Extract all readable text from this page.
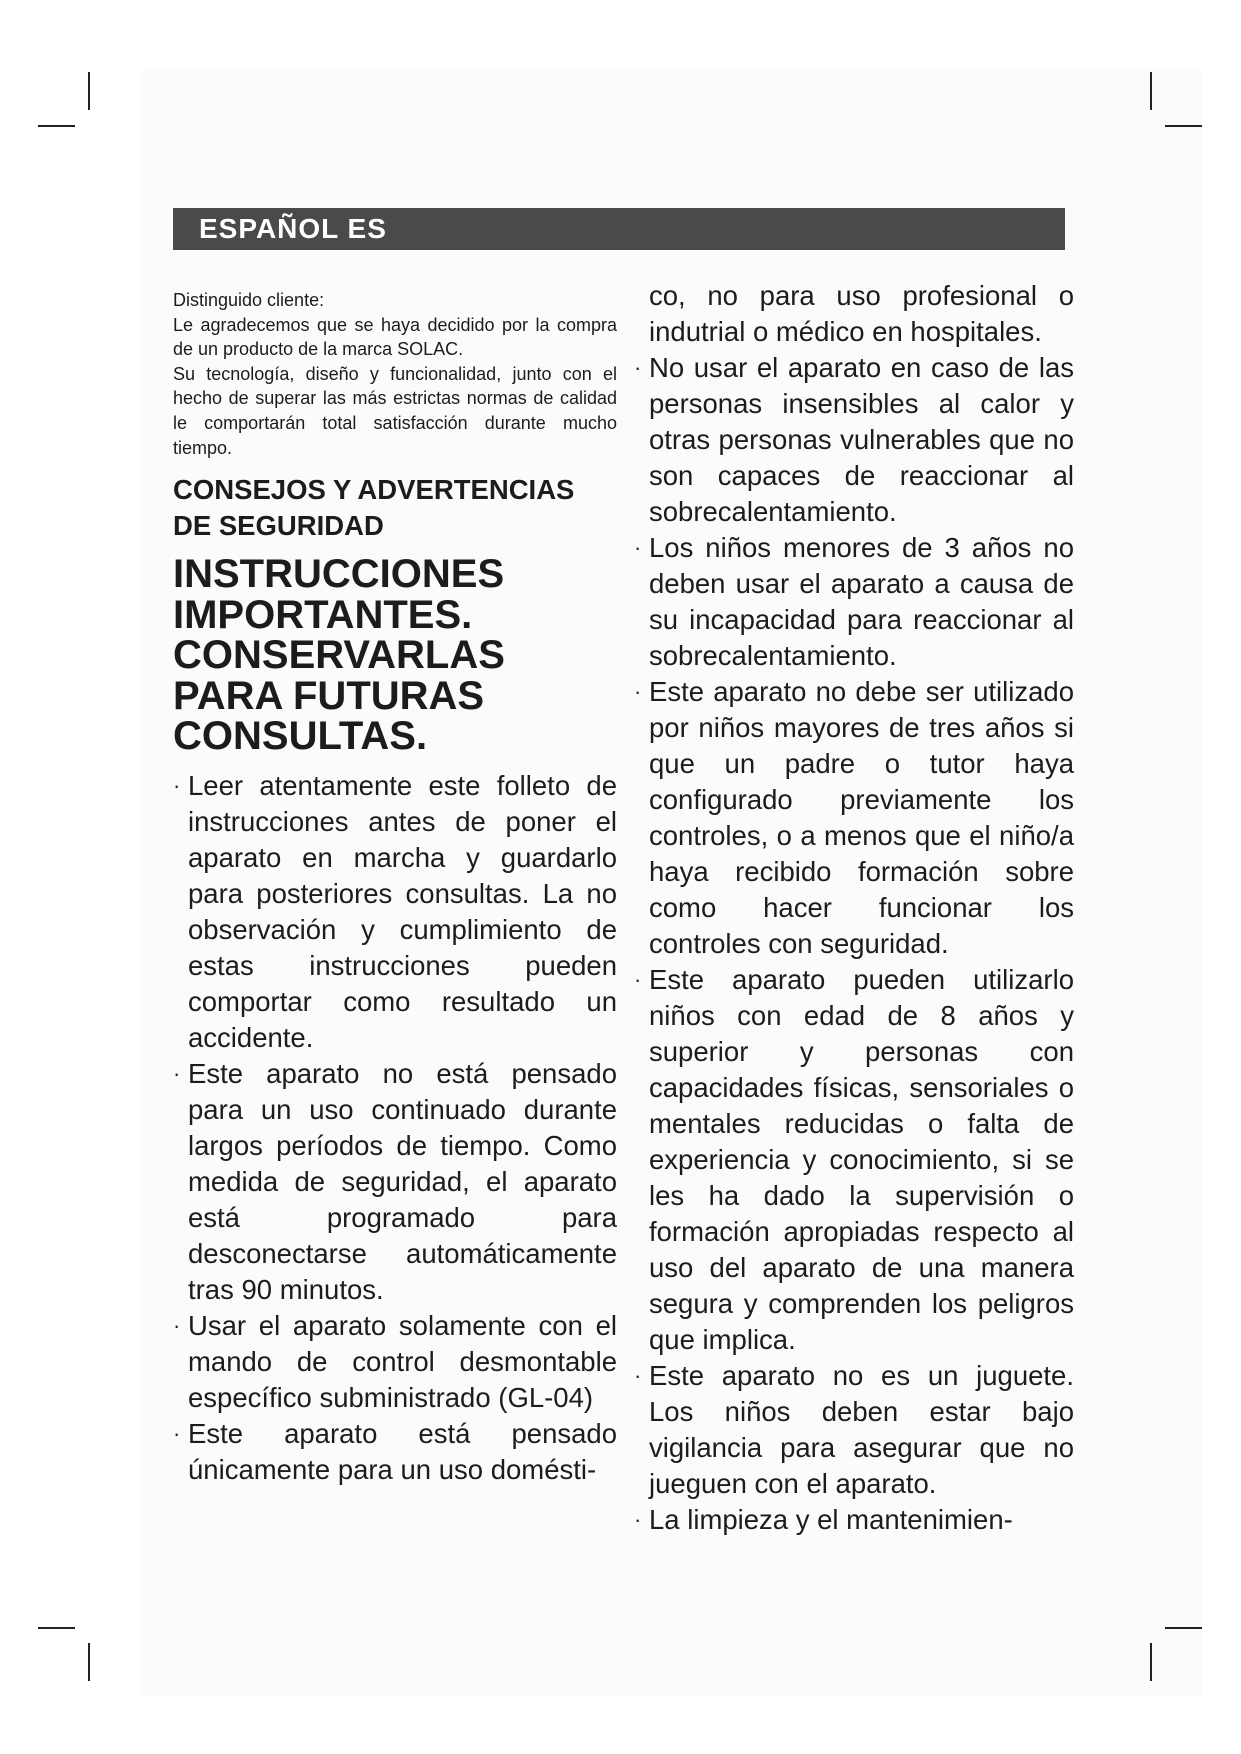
ESPAÑOL ES

Distinguido cliente:

Le agradecemos que se haya decidido por la compra de un producto de la marca SOLAC.

Su tecnología, diseño y funcionalidad, junto con el hecho de superar las más estrictas normas de calidad le comportarán total satisfacción durante mucho tiempo.

CONSEJOS Y ADVERTENCIAS DE SEGURIDAD
INSTRUCCIONES IMPORTANTES. CONSERVARLAS PARA FUTURAS CONSULTAS.
· Leer atentamente este folleto de instrucciones antes de poner el aparato en marcha y guardarlo para posteriores consultas. La no observación y cumplimiento de estas instrucciones pueden comportar como resultado un accidente.
· Este aparato no está pensado para un uso continuado durante largos períodos de tiempo. Como medida de seguridad, el aparato está programado para desconectarse automáticamente tras 90 minutos.
· Usar el aparato solamente con el mando de control desmontable específico subministrado (GL-04)
· Este aparato está pensado únicamente para un uso domésti-

co, no para uso profesional o indutrial o médico en hospitales.

· No usar el aparato en caso de las personas insensibles al calor y otras personas vulnerables que no son capaces de reaccionar al sobrecalentamiento.
· Los niños menores de 3 años no deben usar el aparato a causa de su incapacidad para reaccionar al sobrecalentamiento.
· Este aparato no debe ser utilizado por niños mayores de tres años si que un padre o tutor haya configurado previamente los controles, o a menos que el niño/a haya recibido formación sobre como hacer funcionar los controles con seguridad.
· Este aparato pueden utilizarlo niños con edad de 8 años y superior y personas con capacidades físicas, sensoriales o mentales reducidas o falta de experiencia y conocimiento, si se les ha dado la supervisión o formación apropiadas respecto al uso del aparato de una manera segura y comprenden los peligros que implica.
· Este aparato no es un juguete. Los niños deben estar bajo vigilancia para asegurar que no jueguen con el aparato.
· La limpieza y el mantenimien-
